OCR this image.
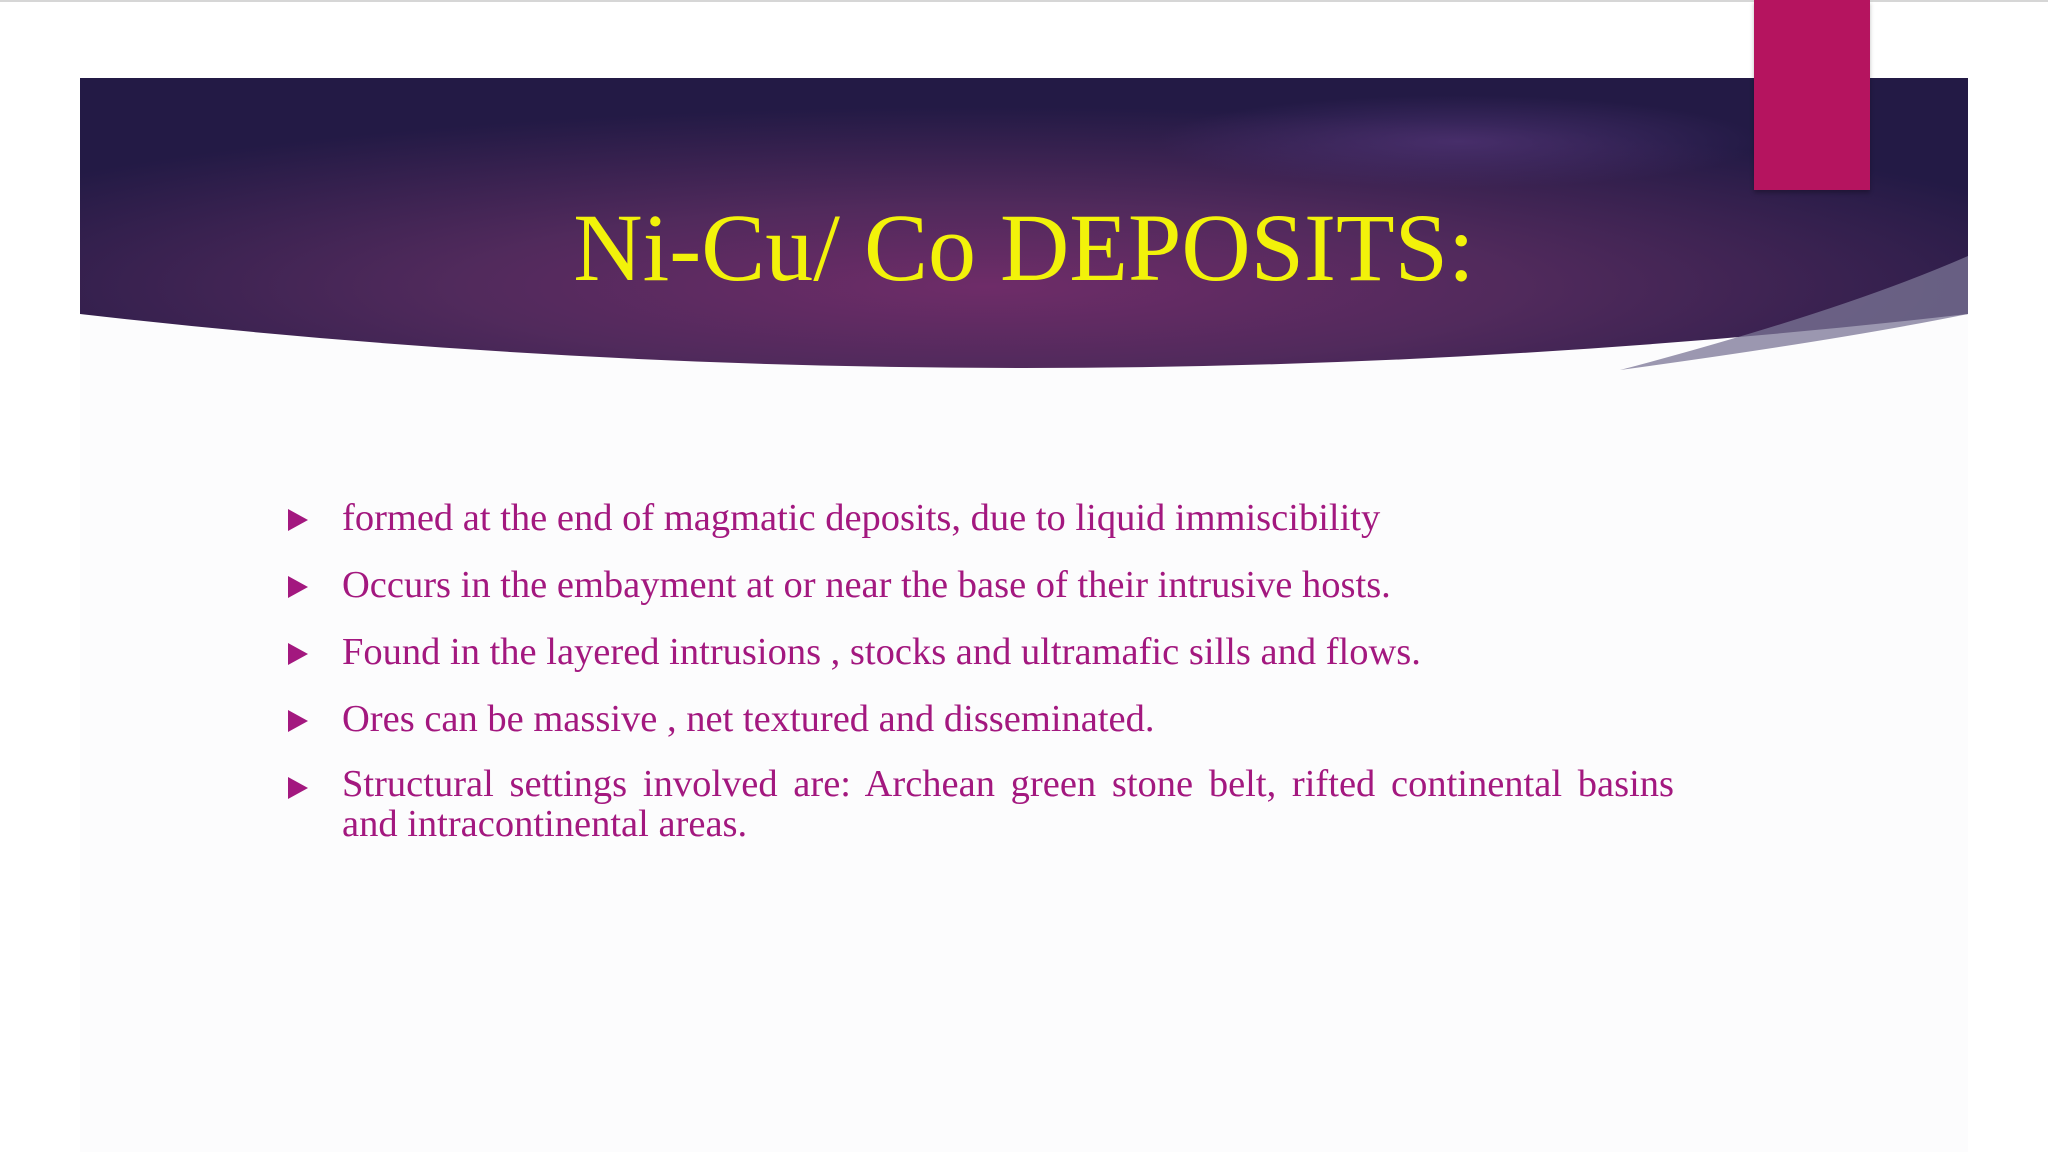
Ni-Cu/ Co DEPOSITS:
formed at the end of magmatic deposits, due to liquid immiscibility
Occurs in the embayment at or near the base of their intrusive hosts.
Found in the layered intrusions , stocks and ultramafic sills and flows.
Ores can be massive , net textured and disseminated.
Structural settings involved are: Archean green stone belt, rifted continental basins and intracontinental areas.
